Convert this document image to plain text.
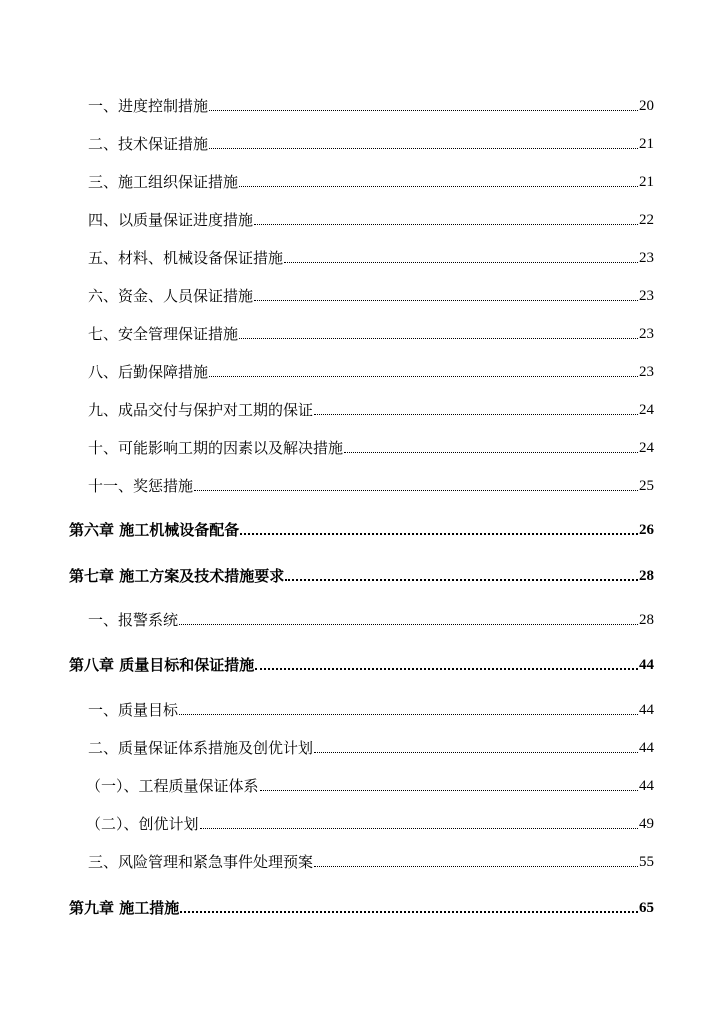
一、进度控制措施	20
二、技术保证措施	21
三、施工组织保证措施	21
四、以质量保证进度措施	22
五、材料、机械设备保证措施	23
六、资金、人员保证措施	23
七、安全管理保证措施	23
八、后勤保障措施	23
九、成品交付与保护对工期的保证	24
十、可能影响工期的因素以及解决措施	24
十一、奖惩措施	25
第六章 施工机械设备配备	26
第七章 施工方案及技术措施要求	28
一、报警系统	28
第八章 质量目标和保证措施	44
一、质量目标	44
二、质量保证体系措施及创优计划	44
（一）、工程质量保证体系	44
（二）、创优计划	49
三、风险管理和紧急事件处理预案	55
第九章 施工措施	65
